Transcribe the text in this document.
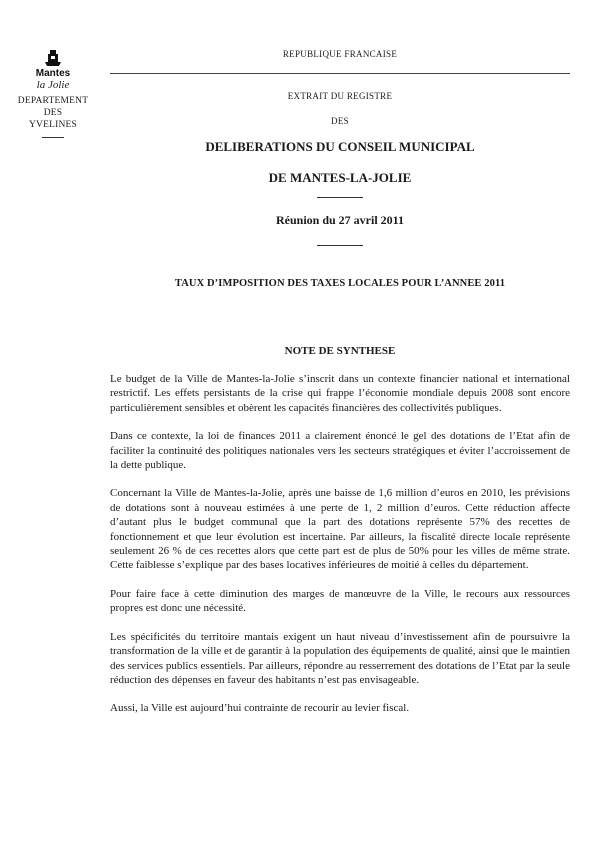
Mantes
la Jolie
DEPARTEMENT
DES
YVELINES
REPUBLIQUE FRANCAISE
EXTRAIT DU REGISTRE
DES
DELIBERATIONS DU CONSEIL MUNICIPAL
DE MANTES-LA-JOLIE
Réunion du 27 avril 2011
TAUX D’IMPOSITION DES TAXES LOCALES POUR L’ANNEE 2011
NOTE DE SYNTHESE

Le budget de la Ville de Mantes-la-Jolie s’inscrit dans un contexte financier national et international restrictif. Les effets persistants de la crise qui frappe l’économie mondiale depuis 2008 sont encore particulièrement sensibles et obèrent les capacités financières des collectivités publiques.

Dans ce contexte, la loi de finances 2011 a clairement énoncé le gel des dotations de l’Etat afin de faciliter la continuité des politiques nationales vers les secteurs stratégiques et éviter l’accroissement de la dette publique.

Concernant la Ville de Mantes-la-Jolie, après une baisse de 1,6 million d’euros en 2010, les prévisions de dotations sont à nouveau estimées à une perte de 1, 2 million d’euros. Cette réduction affecte d’autant plus le budget communal que la part des dotations représente 57% des recettes de fonctionnement et que leur évolution est incertaine. Par ailleurs, la fiscalité directe locale représente seulement 26 % de ces recettes alors que cette part est de plus de 50% pour les villes de même strate. Cette faiblesse s’explique par des bases locatives inférieures de moitié à celles du département.

Pour faire face à cette diminution des marges de manœuvre de la Ville, le recours aux ressources propres est donc une nécessité.

Les spécificités du territoire mantais exigent un haut niveau d’investissement afin de poursuivre la transformation de la ville et de garantir à la population des équipements de qualité, ainsi que le maintien des services publics essentiels. Par ailleurs, répondre au resserrement des dotations de l’Etat par la seule réduction des dépenses en faveur des habitants n’est pas envisageable.

Aussi, la Ville est aujourd’hui contrainte de recourir au levier fiscal.
